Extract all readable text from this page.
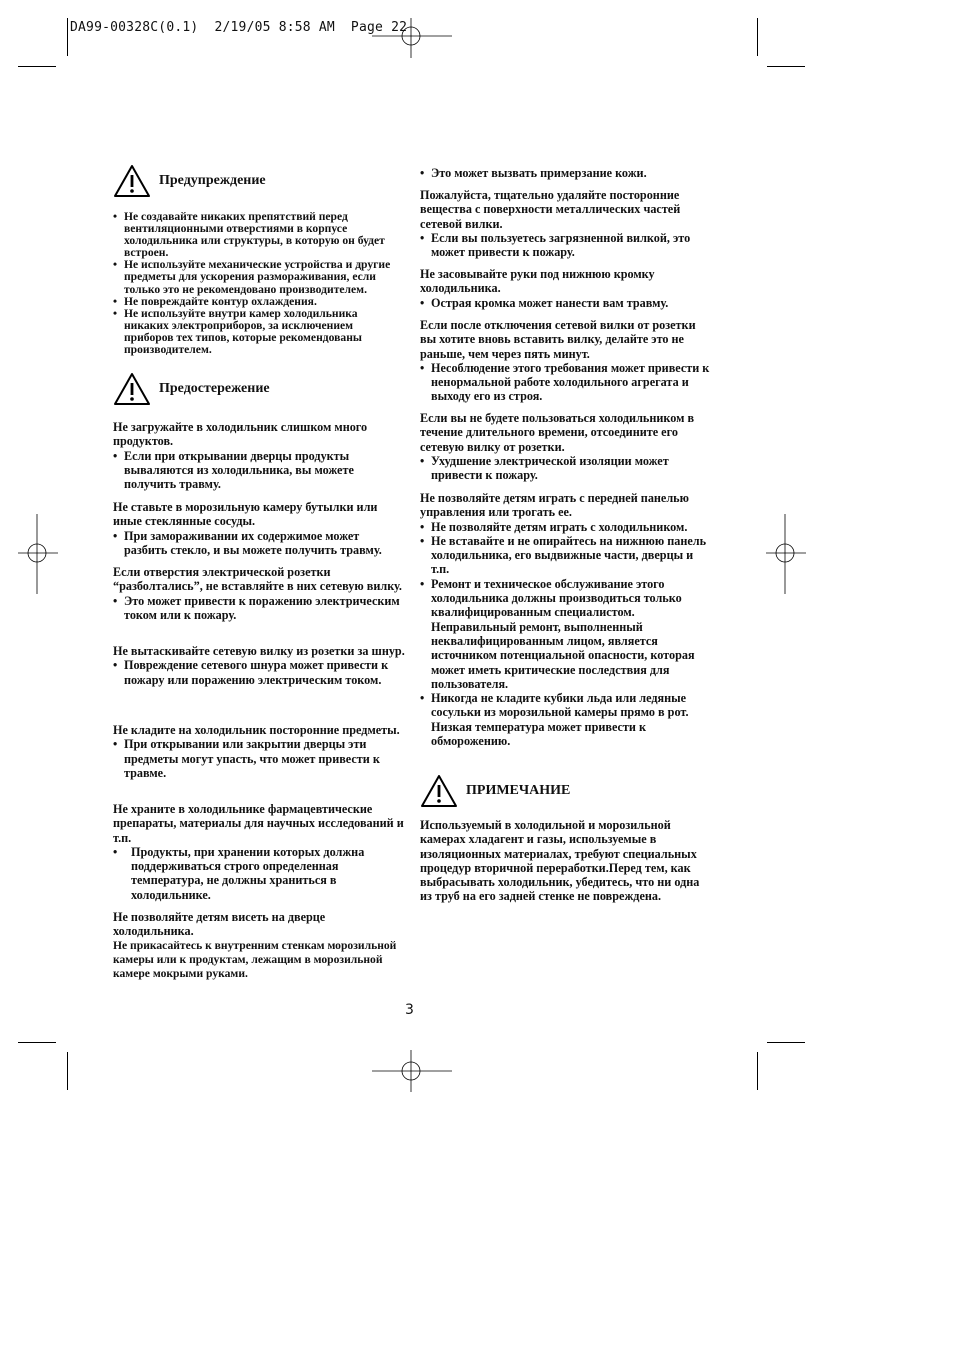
DA99-00328C(0.1)  2/19/05 8:58 AM  Page 22
Предупреждение
• Не создавайте никаких препятствий перед вентиляционными отверстиями в корпусе холодильника или структуры, в которую он будет встроен.
• Не используйте механические устройства и другие предметы для ускорения размораживания, если только это не рекомендовано производителем.
• Не повреждайте контур охлаждения.
• Не используйте внутри камер холодильника никаких электроприборов, за исключением приборов тех типов, которые рекомендованы производителем.
Предостережение

Не загружайте в холодильник слишком много продуктов.

• Если при открывании дверцы продукты вываляются из холодильника, вы можете получить травму.

Не ставьте в морозильную камеру бутылки или иные стеклянные сосуды.

• При замораживании их содержимое может разбить стекло, и вы можете получить травму.

Если отверстия электрической розетки “разболтались”, не вставляйте в них сетевую вилку.

• Это может привести к поражению электрическим током или к пожару.

Не вытаскивайте сетевую вилку из розетки за шнур.

• Повреждение сетевого шнура может привести к пожару или поражению электрическим током.

Не кладите на холодильник посторонние предметы.

• При открывании или закрытии дверцы эти предметы могут упасть, что может привести к травме.

Не храните в холодильнике фармацевтические препараты, материалы для научных исследований и т.п.

• Продукты, при хранении которых должна поддерживаться строго определенная температура, не должны храниться в холодильнике.

Не позволяйте детям висеть на дверце холодильника.

Не прикасайтесь к внутренним стенкам морозильной камеры или к продуктам, лежащим в морозильной камере мокрыми руками.

• Это может вызвать примерзание кожи.

Пожалуйста, тщательно удаляйте посторонние вещества с поверхности металлических частей сетевой вилки.

• Если вы пользуетесь загрязненной вилкой, это может привести к пожару.

Не засовывайте руки под нижнюю кромку холодильника.

• Острая кромка может нанести вам травму.

Если после отключения сетевой вилки от розетки вы хотите вновь вставить вилку, делайте это не раньше, чем через пять минут.

• Несоблюдение этого требования может привести к ненормальной работе холодильного агрегата и выходу его из строя.

Если вы не будете пользоваться холодильником в течение длительного времени, отсоедините его сетевую вилку от розетки.

• Ухудшение электрической изоляции может привести к пожару.

Не позволяйте детям играть с передней панелью управления или трогать ее.

• Не позволяйте детям играть с холодильником.
• Не вставайте и не опирайтесь на нижнюю панель холодильника, его выдвижные части, дверцы и т.п.
• Ремонт и техническое обслуживание этого холодильника должны производиться только квалифицированным специалистом. Неправильный ремонт, выполненный неквалифицированным лицом, является источником потенциальной опасности, которая может иметь критические последствия для пользователя.
• Никогда не кладите кубики льда или ледяные сосульки из морозильной камеры прямо в рот. Низкая температура может привести к обморожению.
ПРИМЕЧАНИЕ

Используемый в холодильной и морозильной камерах хладагент и газы, используемые в изоляционных материалах, требуют специальных процедур вторичной переработки.Перед тем, как выбрасывать холодильник, убедитесь, что ни одна из труб на его задней стенке не повреждена.

3
